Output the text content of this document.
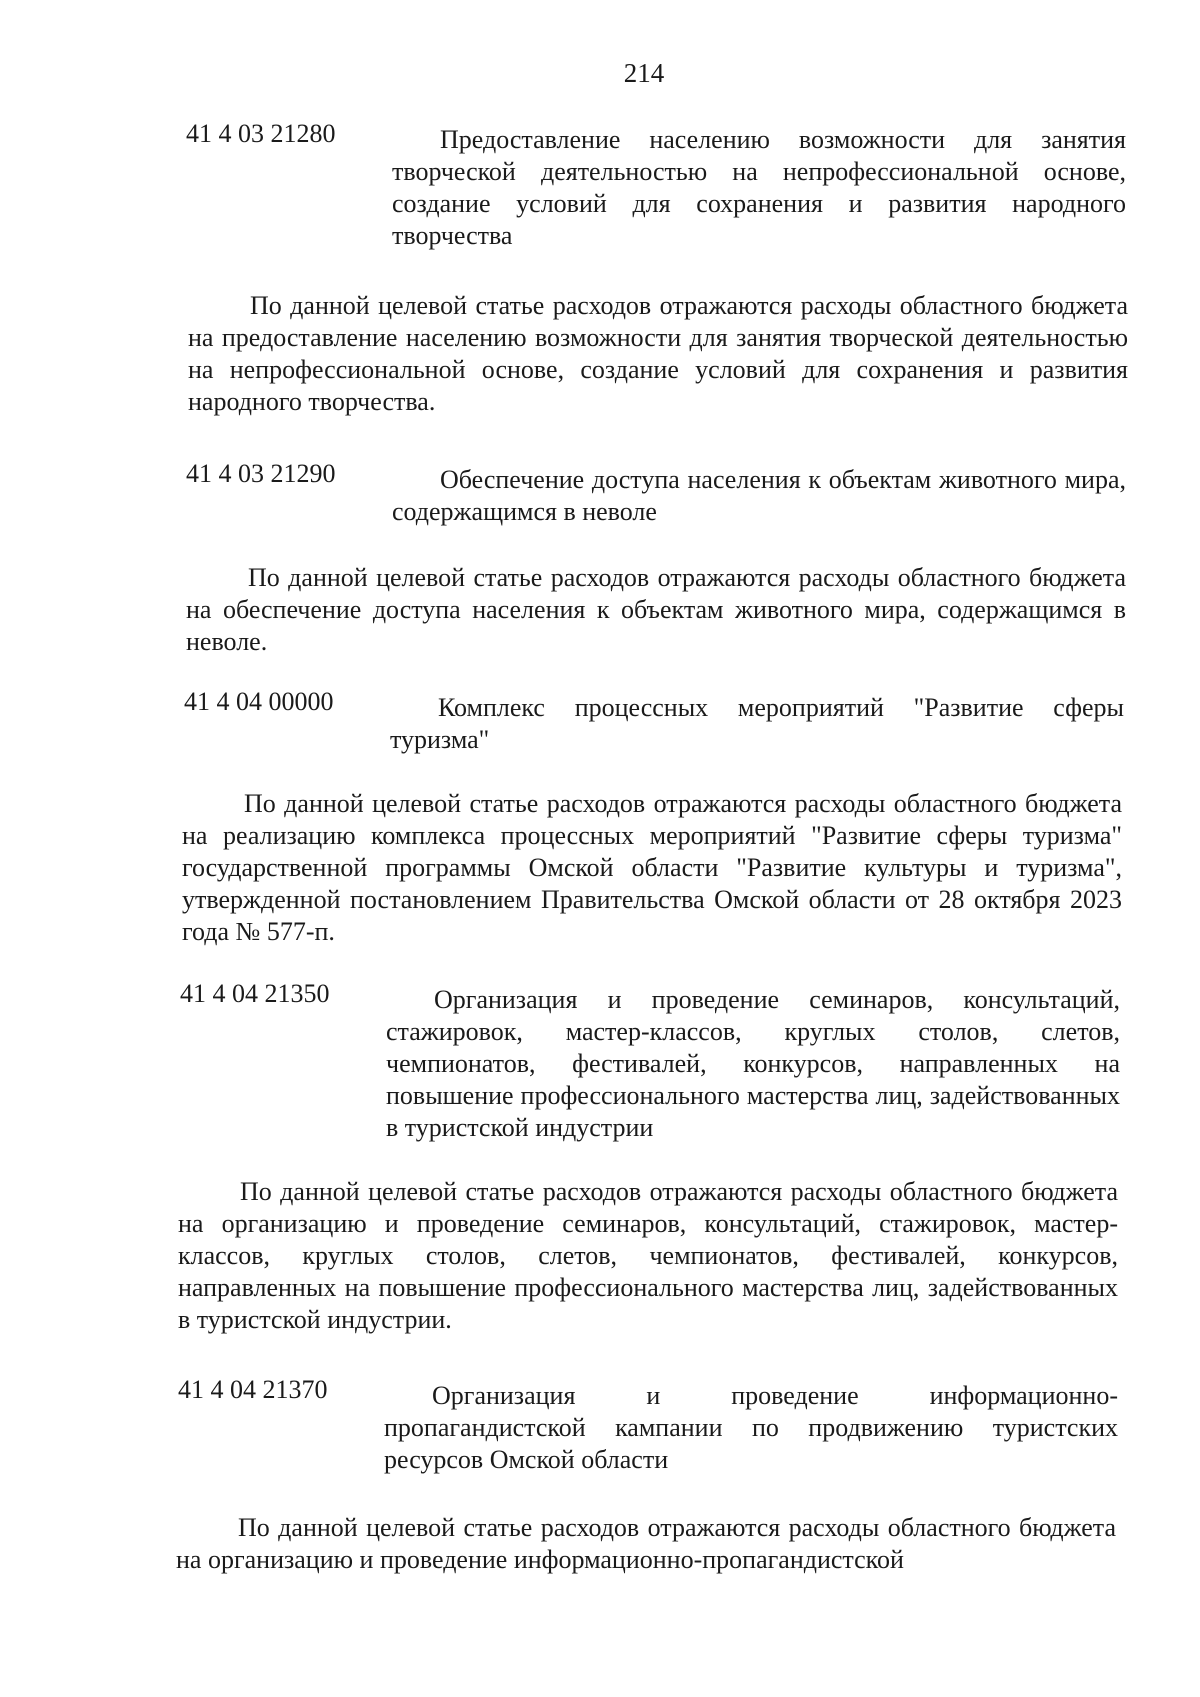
214
41 4 03 21280	Предоставление населению возможности для занятия творческой деятельностью на непрофессиональной основе, создание условий для сохранения и развития народного творчества
По данной целевой статье расходов отражаются расходы областного бюджета на предоставление населению возможности для занятия творческой деятельностью на непрофессиональной основе, создание условий для сохранения и развития народного творчества.
41 4 03 21290	Обеспечение доступа населения к объектам животного мира, содержащимся в неволе
По данной целевой статье расходов отражаются расходы областного бюджета на обеспечение доступа населения к объектам животного мира, содержащимся в неволе.
41 4 04 00000	Комплекс процессных мероприятий "Развитие сферы туризма"
По данной целевой статье расходов отражаются расходы областного бюджета на реализацию комплекса процессных мероприятий "Развитие сферы туризма" государственной программы Омской области "Развитие культуры и туризма", утвержденной постановлением Правительства Омской области от 28 октября 2023 года № 577-п.
41 4 04 21350	Организация и проведение семинаров, консультаций, стажировок, мастер-классов, круглых столов, слетов, чемпионатов, фестивалей, конкурсов, направленных на повышение профессионального мастерства лиц, задействованных в туристской индустрии
По данной целевой статье расходов отражаются расходы областного бюджета на организацию и проведение семинаров, консультаций, стажировок, мастер-классов, круглых столов, слетов, чемпионатов, фестивалей, конкурсов, направленных на повышение профессионального мастерства лиц, задействованных в туристской индустрии.
41 4 04 21370	Организация и проведение информационно-пропагандистской кампании по продвижению туристских ресурсов Омской области
По данной целевой статье расходов отражаются расходы областного бюджета на организацию и проведение информационно-пропагандистской
